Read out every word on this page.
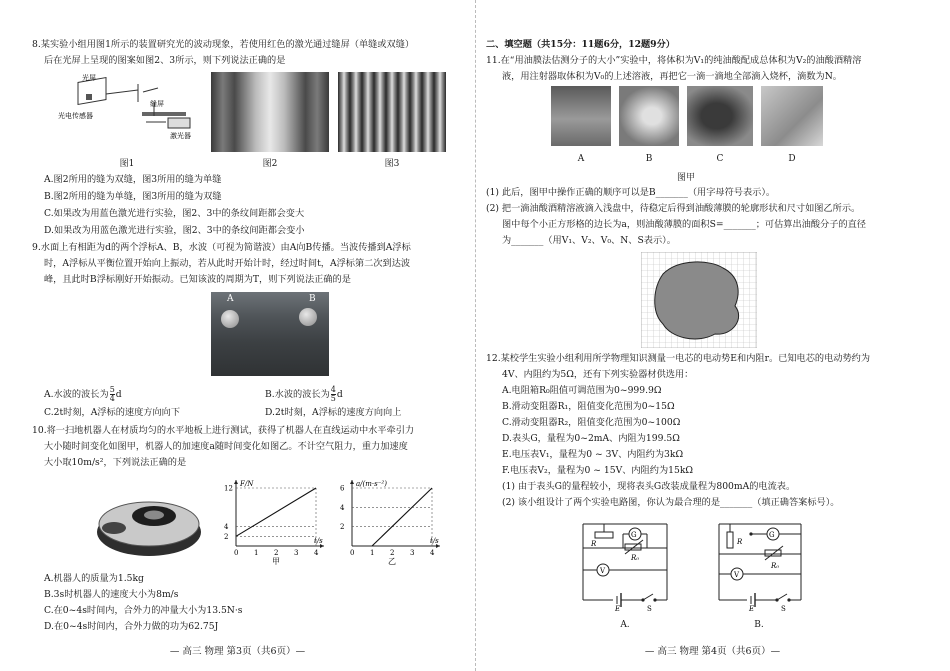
8.某实验小组用图1所示的装置研究光的波动现象，若使用红色的激光通过缝屏（单缝或双缝）
后在光屏上呈现的图案如图2、3所示，则下列说法正确的是
光屏
光电传感器
缝屏
激光器
图1	图2	图3
A.图2所用的缝为双缝，图3所用的缝为单缝
B.图2所用的缝为单缝，图3所用的缝为双缝
C.如果改为用蓝色激光进行实验，图2、3中的条纹间距都会变大
D.如果改为用蓝色激光进行实验，图2、3中的条纹间距都会变小
9.水面上有相距为d的两个浮标A、B，水波（可视为简谐波）由A向B传播。当波传播到A浮标
时，A浮标从平衡位置开始向上振动，若从此时开始计时，经过时间t，A浮标第二次到达波
峰，且此时B浮标刚好开始振动。已知该波的周期为T，则下列说法正确的是
A	B
A.水波的波长为 $\frac{5}{4}$ d	B.水波的波长为 $\frac{4}{5}$ d
C.2t时刻，A浮标的速度方向向下	D.2t时刻，A浮标的速度方向向上
10.将一扫地机器人在材质均匀的水平地板上进行测试，获得了机器人在直线运动中水平牵引力
大小随时间变化如图甲，机器人的加速度a随时间变化如图乙。不计空气阻力，重力加速度
大小取10m/s²，下列说法正确的是
0 1 2 3 4
2
4
12
F/N
t/s
甲
0 1 2 3 4
2
4
6
a/(m·s⁻²)
t/s
乙
A.机器人的质量为1.5kg
B.3s时机器人的速度大小为8m/s
C.在0~4s时间内，合外力的冲量大小为13.5N·s
D.在0~4s时间内，合外力做的功为62.75J
— 高三 物理 第3页（共6页）—
二、填空题（共15分：11题6分，12题9分）
11.在“用油膜法估测分子的大小”实验中，将体积为V₁的纯油酸配成总体积为V₂的油酸酒精溶
液，用注射器取体积为V₀的上述溶液，再把它一滴一滴地全部滴入烧杯，滴数为N。
A	B	C	D
图甲
(1) 此后，图甲中操作正确的顺序可以是B_______（用字母符号表示）。
(2) 把一滴油酸酒精溶液滴入浅盘中，待稳定后得到油酸薄膜的轮廓形状和尺寸如图乙所示。
图中每个小正方形格的边长为a，则油酸薄膜的面积S=_______；可估算出油酸分子的直径
为_______（用V₁、V₂、V₀、N、S表示）。
12.某校学生实验小组利用所学物理知识测量一电芯的电动势E和内阻r。已知电芯的电动势约为
4V、内阻约为5Ω，还有下列实验器材供选用：
A.电阻箱R₀阻值可调范围为0~999.9Ω
B.滑动变阻器R₁，阻值变化范围为0~15Ω
C.滑动变阻器R₂，阻值变化范围为0~100Ω
D.表头G，量程为0~2mA、内阻为199.5Ω
E.电压表V₁，量程为0 ~ 3V、内阻约为3kΩ
F.电压表V₂，量程为0 ~ 15V、内阻约为15kΩ
(1) 由于表头G的量程较小，现将表头G改装成量程为800mA的电流表。
(2) 该小组设计了两个实验电路图，你认为最合理的是_______（填正确答案标号）。
R
G
R₀
V
E	S
R
G
R₀
V
E	S
A.	B.
— 高三 物理 第4页（共6页）—
